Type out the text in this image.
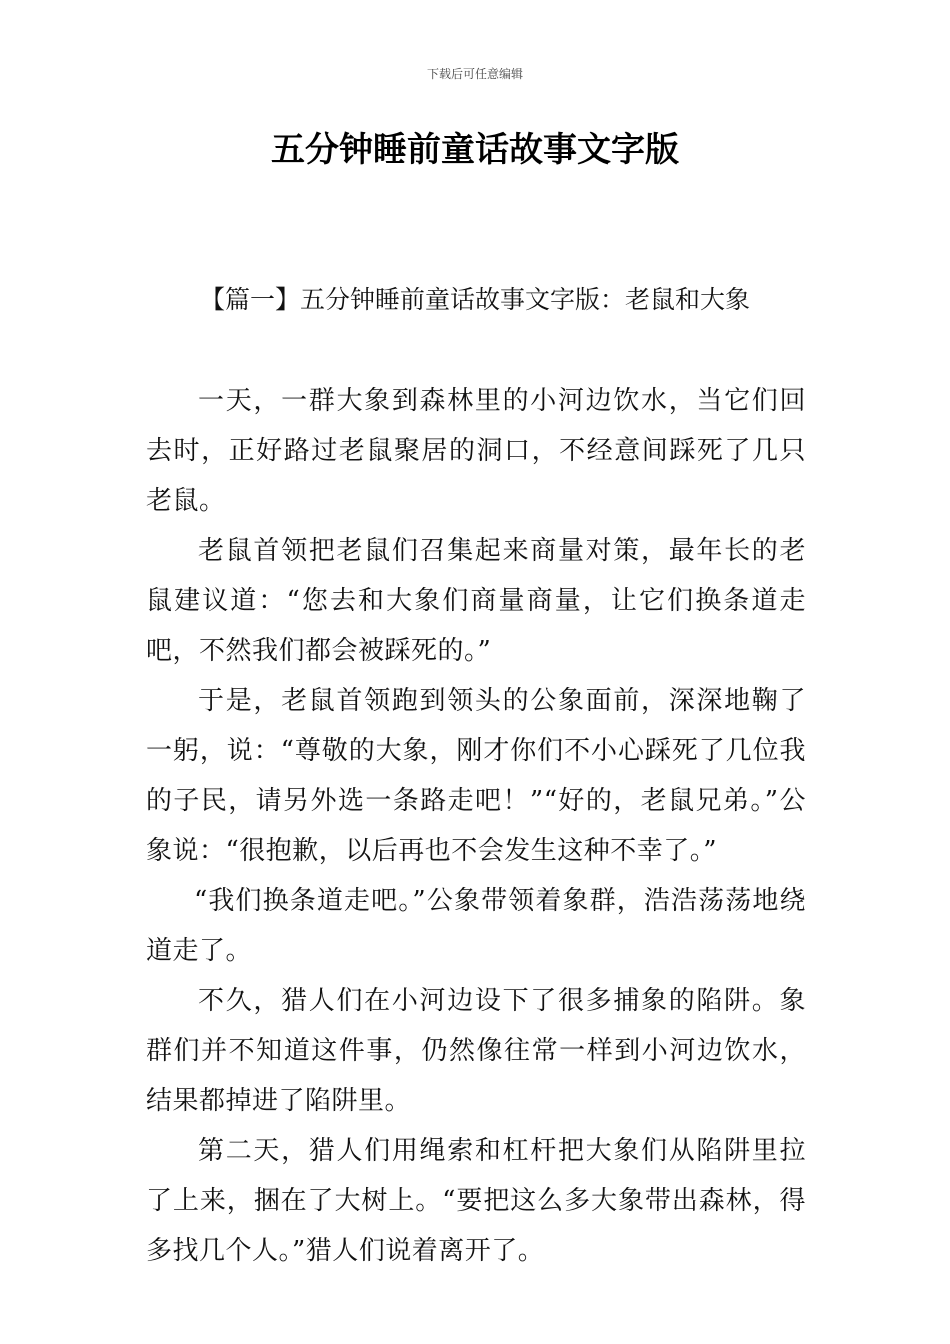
下载后可任意编辑
五分钟睡前童话故事文字版
【篇一】五分钟睡前童话故事文字版：老鼠和大象

一天，一群大象到森林里的小河边饮水，当它们回去时，正好路过老鼠聚居的洞口，不经意间踩死了几只老鼠。

老鼠首领把老鼠们召集起来商量对策，最年长的老鼠建议道：“您去和大象们商量商量，让它们换条道走吧，不然我们都会被踩死的。”

于是，老鼠首领跑到领头的公象面前，深深地鞠了一躬，说：“尊敬的大象，刚才你们不小心踩死了几位我的子民，请另外选一条路走吧！”“好的，老鼠兄弟。”公象说：“很抱歉，以后再也不会发生这种不幸了。”

“我们换条道走吧。”公象带领着象群，浩浩荡荡地绕道走了。

不久，猎人们在小河边设下了很多捕象的陷阱。象群们并不知道这件事，仍然像往常一样到小河边饮水，结果都掉进了陷阱里。

第二天，猎人们用绳索和杠杆把大象们从陷阱里拉了上来，捆在了大树上。“要把这么多大象带出森林，得多找几个人。”猎人们说着离开了。
